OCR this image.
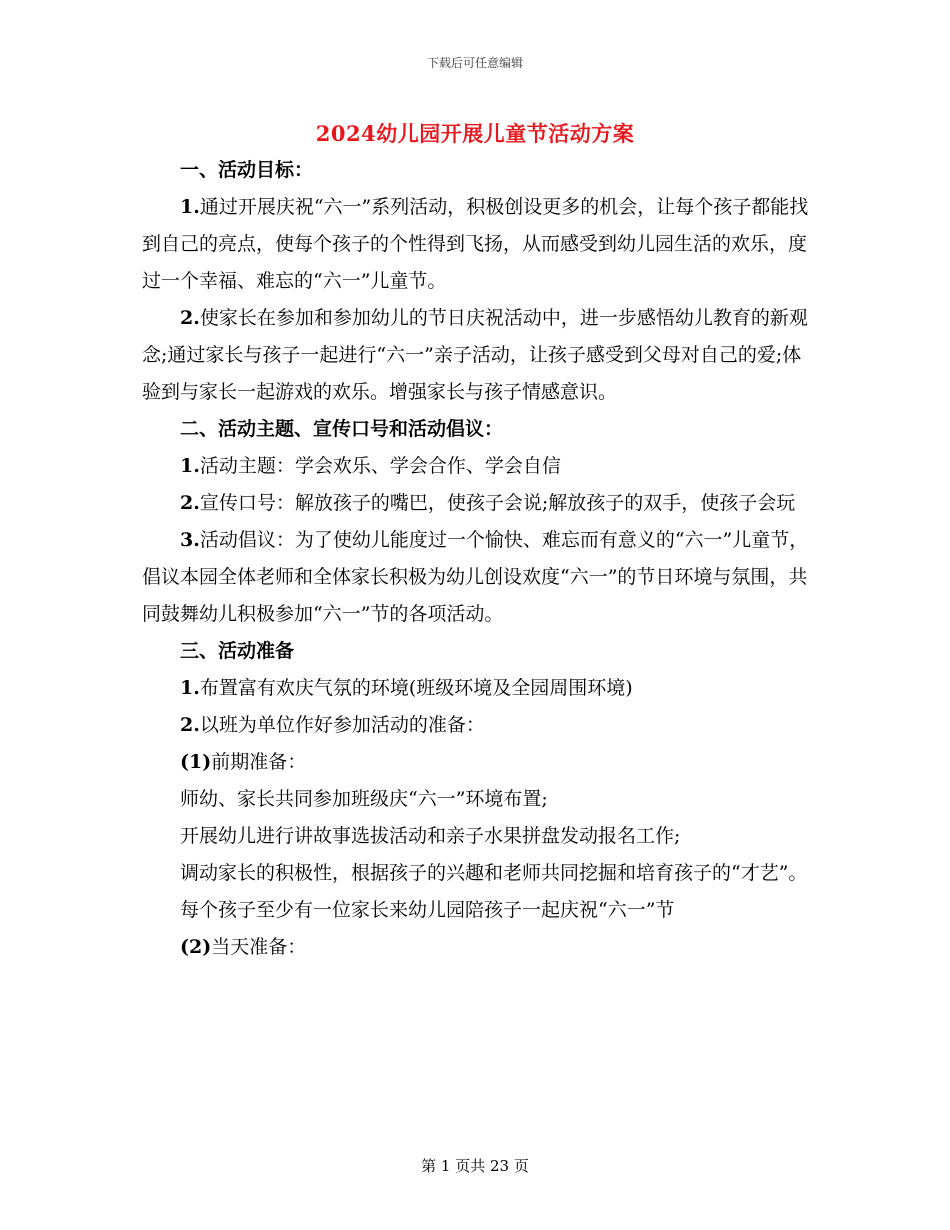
下载后可任意编辑
2024幼儿园开展儿童节活动方案

一、活动目标：

1.通过开展庆祝“六一”系列活动，积极创设更多的机会，让每个孩子都能找到自己的亮点，使每个孩子的个性得到飞扬，从而感受到幼儿园生活的欢乐，度过一个幸福、难忘的“六一”儿童节。

2.使家长在参加和参加幼儿的节日庆祝活动中，进一步感悟幼儿教育的新观念;通过家长与孩子一起进行“六一”亲子活动，让孩子感受到父母对自己的爱;体验到与家长一起游戏的欢乐。增强家长与孩子情感意识。

二、活动主题、宣传口号和活动倡议：

1.活动主题：学会欢乐、学会合作、学会自信

2.宣传口号：解放孩子的嘴巴，使孩子会说;解放孩子的双手，使孩子会玩

3.活动倡议：为了使幼儿能度过一个愉快、难忘而有意义的“六一”儿童节，倡议本园全体老师和全体家长积极为幼儿创设欢度“六一”的节日环境与氛围，共同鼓舞幼儿积极参加“六一”节的各项活动。

三、活动准备

1.布置富有欢庆气氛的环境(班级环境及全园周围环境)

2.以班为单位作好参加活动的准备：

(1)前期准备：

师幼、家长共同参加班级庆“六一”环境布置;

开展幼儿进行讲故事选拔活动和亲子水果拼盘发动报名工作;

调动家长的积极性，根据孩子的兴趣和老师共同挖掘和培育孩子的“才艺”。

每个孩子至少有一位家长来幼儿园陪孩子一起庆祝“六一”节

(2)当天准备：

第 1 页共 23 页
